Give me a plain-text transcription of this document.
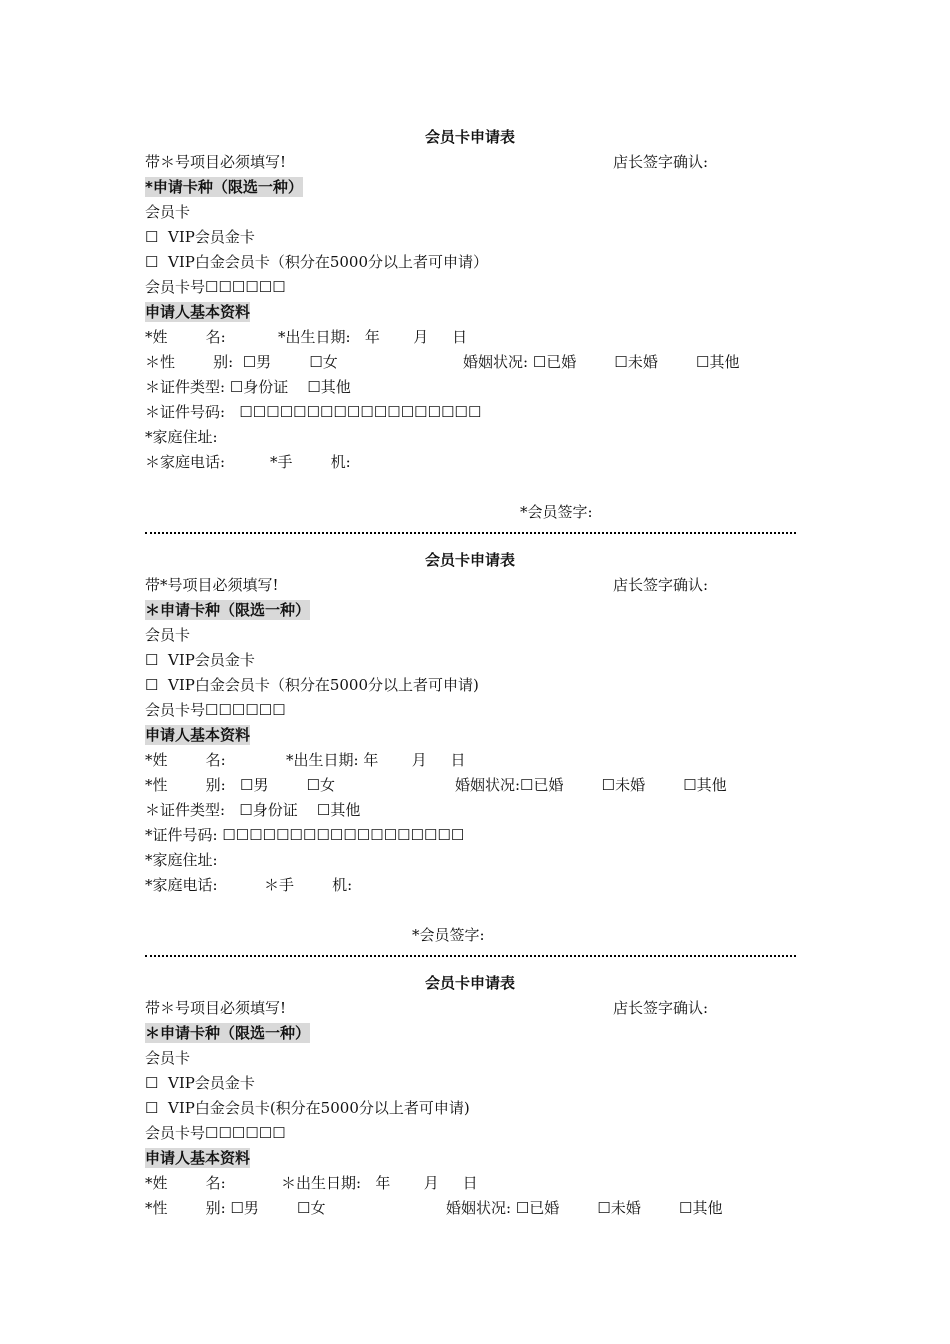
会员卡申请表
带＊号项目必须填写!	店长签字确认:
*申请卡种（限选一种）
会员卡
☐  VIP会员金卡
☐  VIP白金会员卡（积分在5000分以上者可申请）
会员卡号☐☐☐☐☐☐
申请人基本资料
*姓        名:	*出生日期:   年       月     日
＊性        别:  ☐男        ☐女	婚姻状况: ☐已婚        ☐未婚        ☐其他
＊证件类型: ☐身份证    ☐其他
＊证件号码:   ☐☐☐☐☐☐☐☐☐☐☐☐☐☐☐☐☐☐
*家庭住址:
＊家庭电话:	*手        机:
*会员签字:
会员卡申请表
带*号项目必须填写!	店长签字确认:
＊申请卡种（限选一种）
会员卡
☐  VIP会员金卡
☐  VIP白金会员卡（积分在5000分以上者可申请)
会员卡号☐☐☐☐☐☐
申请人基本资料
*姓        名:	*出生日期: 年       月     日
*性        别:   ☐男        ☐女	婚姻状况:☐已婚        ☐未婚        ☐其他
＊证件类型:   ☐身份证    ☐其他
*证件号码: ☐☐☐☐☐☐☐☐☐☐☐☐☐☐☐☐☐☐
*家庭住址:
*家庭电话:	＊手        机:
*会员签字:
会员卡申请表
带＊号项目必须填写!	店长签字确认:
＊申请卡种（限选一种）
会员卡
☐  VIP会员金卡
☐  VIP白金会员卡(积分在5000分以上者可申请)
会员卡号☐☐☐☐☐☐
申请人基本资料
*姓        名:	＊出生日期:   年       月     日
*性        别: ☐男        ☐女	婚姻状况: ☐已婚        ☐未婚        ☐其他
